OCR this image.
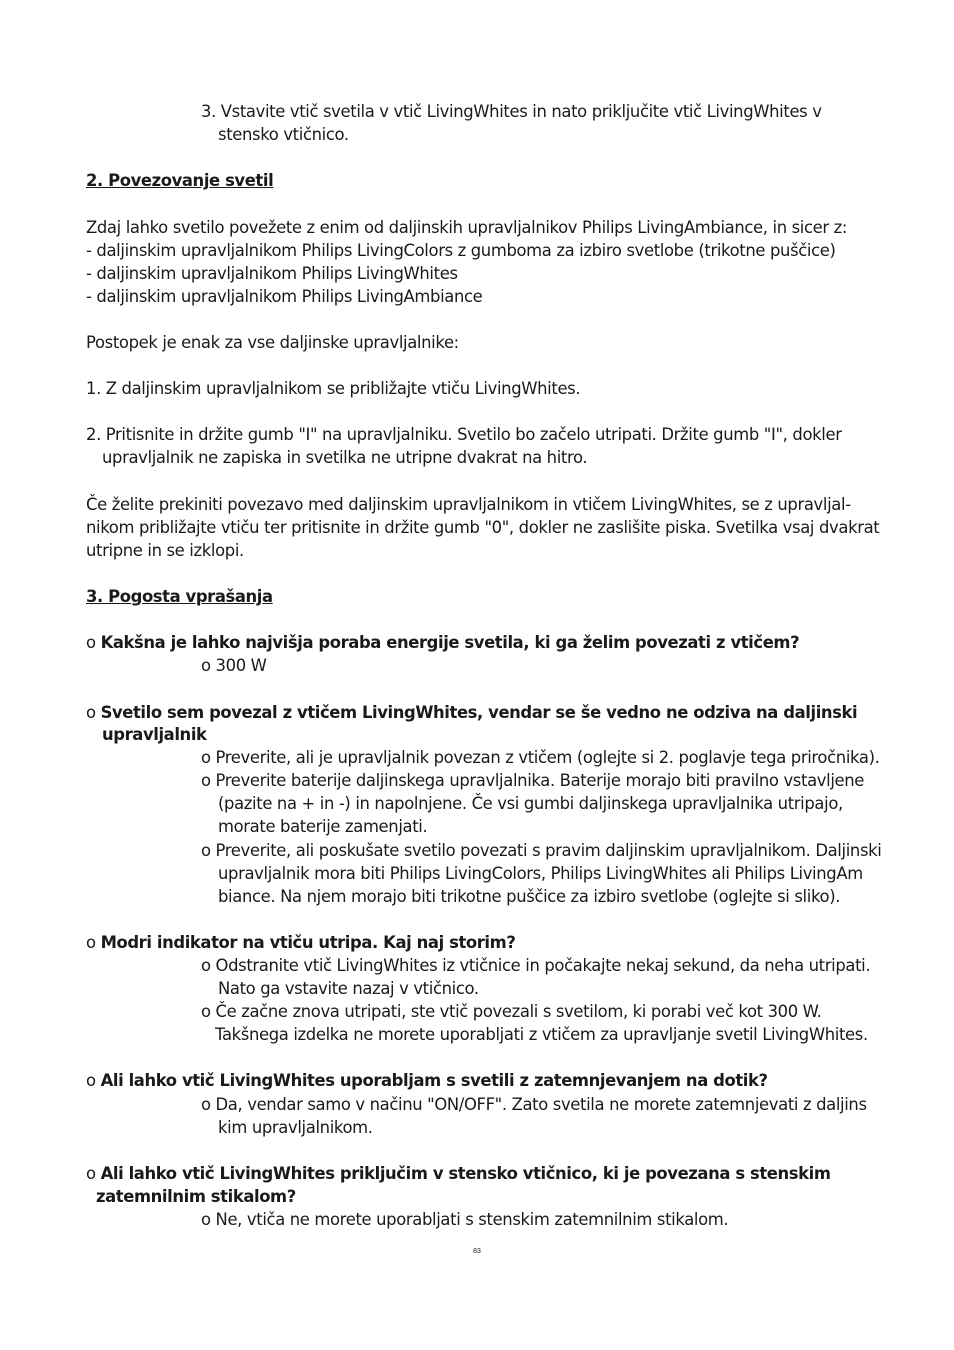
3. Vstavite vtič svetila v vtič LivingWhites in nato priključite vtič LivingWhites v
stensko vtičnico.
2. Povezovanje svetil
Zdaj lahko svetilo povežete z enim od daljinskih upravljalnikov Philips LivingAmbiance, in sicer z:
- daljinskim upravljalnikom Philips LivingColors z gumboma za izbiro svetlobe (trikotne puščice)
- daljinskim upravljalnikom Philips LivingWhites
- daljinskim upravljalnikom Philips LivingAmbiance
Postopek je enak za vse daljinske upravljalnike:
1. Z daljinskim upravljalnikom se približajte vtiču LivingWhites.
2. Pritisnite in držite gumb "I" na upravljalniku. Svetilo bo začelo utripati. Držite gumb "I", dokler
upravljalnik ne zapiska in svetilka ne utripne dvakrat na hitro.
Če želite prekiniti povezavo med daljinskim upravljalnikom in vtičem LivingWhites, se z upravljal-
nikom približajte vtiču ter pritisnite in držite gumb "0", dokler ne zaslišite piska. Svetilka vsaj dvakrat
utripne in se izklopi.
3. Pogosta vprašanja
o Kakšna je lahko najvišja poraba energije svetila, ki ga želim povezati z vtičem?
o 300 W
o Svetilo sem povezal z vtičem LivingWhites, vendar se še vedno ne odziva na daljinski
upravljalnik
o Preverite, ali je upravljalnik povezan z vtičem (oglejte si 2. poglavje tega priročnika).
o Preverite baterije daljinskega upravljalnika. Baterije morajo biti pravilno vstavljene
(pazite na + in -) in napolnjene. Če vsi gumbi daljinskega upravljalnika utripajo,
morate baterije zamenjati.
o Preverite, ali poskušate svetilo povezati s pravim daljinskim upravljalnikom. Daljinski
upravljalnik mora biti Philips LivingColors, Philips LivingWhites ali Philips LivingAm
biance. Na njem morajo biti trikotne puščice za izbiro svetlobe (oglejte si sliko).
o Modri indikator na vtiču utripa. Kaj naj storim?
o Odstranite vtič LivingWhites iz vtičnice in počakajte nekaj sekund, da neha utripati.
Nato ga vstavite nazaj v vtičnico.
o Če začne znova utripati, ste vtič povezali s svetilom, ki porabi več kot 300 W.
Takšnega izdelka ne morete uporabljati z vtičem za upravljanje svetil LivingWhites.
o Ali lahko vtič LivingWhites uporabljam s svetili z zatemnjevanjem na dotik?
o Da, vendar samo v načinu "ON/OFF". Zato svetila ne morete zatemnjevati z daljins
kim upravljalnikom.
o Ali lahko vtič LivingWhites priključim v stensko vtičnico, ki je povezana s stenskim
zatemnilnim stikalom?
o Ne, vtiča ne morete uporabljati s stenskim zatemnilnim stikalom.
83
